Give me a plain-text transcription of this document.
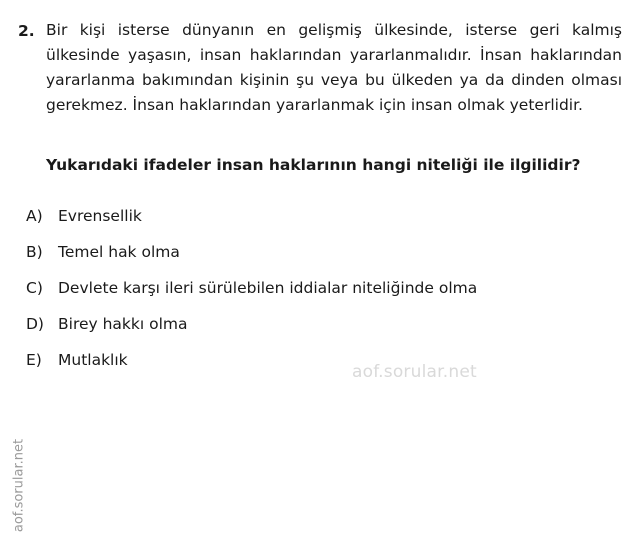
2. Bir kişi isterse dünyanın en gelişmiş ülkesinde, isterse geri kalmış ülkesinde yaşasın, insan haklarından yararlanmalıdır. İnsan haklarından yararlanma bakımından kişinin şu veya bu ülkeden ya da dinden olması gerekmez. İnsan haklarından yararlanmak için insan olmak yeterlidir.

Yukarıdaki ifadeler insan haklarının hangi niteliği ile ilgilidir?

A) Evrensellik
B) Temel hak olma
C) Devlete karşı ileri sürülebilen iddialar niteliğinde olma
D) Birey hakkı olma
E)	Mutlaklık
aof.sorular.net
aof.sorular.net
